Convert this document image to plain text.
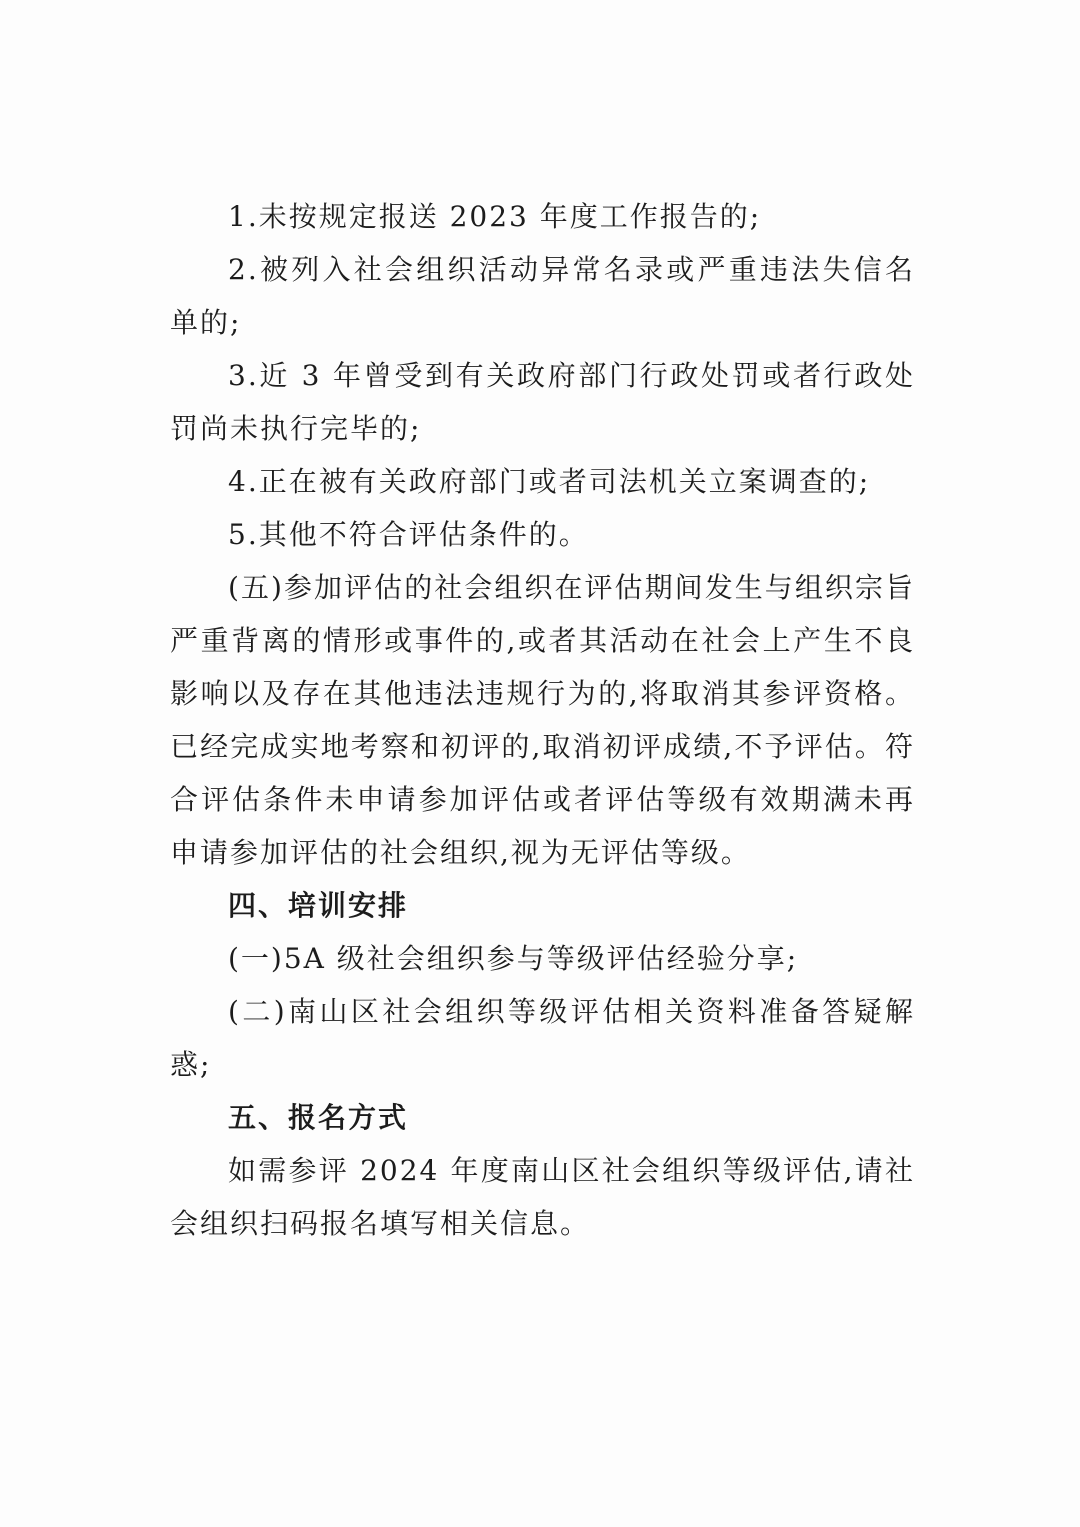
1.未按规定报送 2023 年度工作报告的;

2.被列入社会组织活动异常名录或严重违法失信名单的;

3.近 3 年曾受到有关政府部门行政处罚或者行政处罚尚未执行完毕的;

4.正在被有关政府部门或者司法机关立案调查的;

5.其他不符合评估条件的。

(五)参加评估的社会组织在评估期间发生与组织宗旨严重背离的情形或事件的,或者其活动在社会上产生不良影响以及存在其他违法违规行为的,将取消其参评资格。已经完成实地考察和初评的,取消初评成绩,不予评估。符合评估条件未申请参加评估或者评估等级有效期满未再申请参加评估的社会组织,视为无评估等级。

四、培训安排

(一)5A 级社会组织参与等级评估经验分享;

(二)南山区社会组织等级评估相关资料准备答疑解惑;

五、报名方式

如需参评 2024 年度南山区社会组织等级评估,请社会组织扫码报名填写相关信息。
